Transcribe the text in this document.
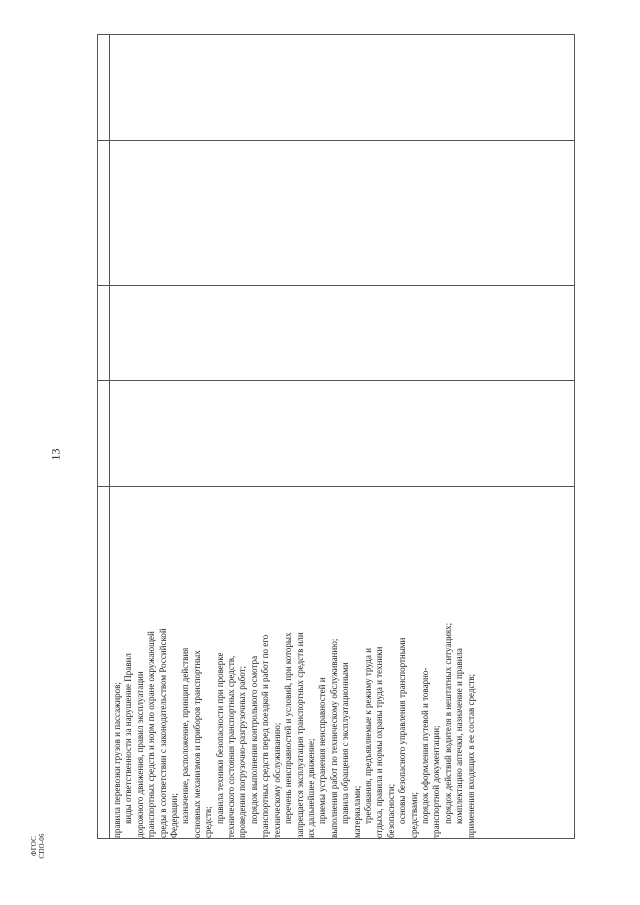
13
правила перевозки грузов и пассажиров; виды ответственности за нарушение Правил дорожного движения, правил эксплуатации транспортных средств и норм по охране окружающей среды в соответствии с законодательством Российской Федерации; назначение, расположение, принцип действия основных механизмов и приборов транспортных средств; правила техники безопасности при проверке технического состояния транспортных средств, проведении погрузочно-разгрузочных работ; порядок выполнения контрольного осмотра транспортных средств перед поездкой и работ по его техническому обслуживанию; перечень неисправностей и условий, при которых запрещается эксплуатация транспортных средств или их дальнейшее движение; приемы устранения неисправностей и выполнения работ по техническому обслуживанию; правила обращения с эксплуатационными материалами; требования, предъявляемые к режиму труда и отдыха, правила и нормы охраны труда и техники безопасности; основы безопасного управления транспортными средствами; порядок оформления путевой и товарно- транспортной документации; порядок действий водителя в нештатных ситуациях; комплектацию аптечки, назначение и правила применения входящих в ее состав средств;
ФГОС СПО-06
